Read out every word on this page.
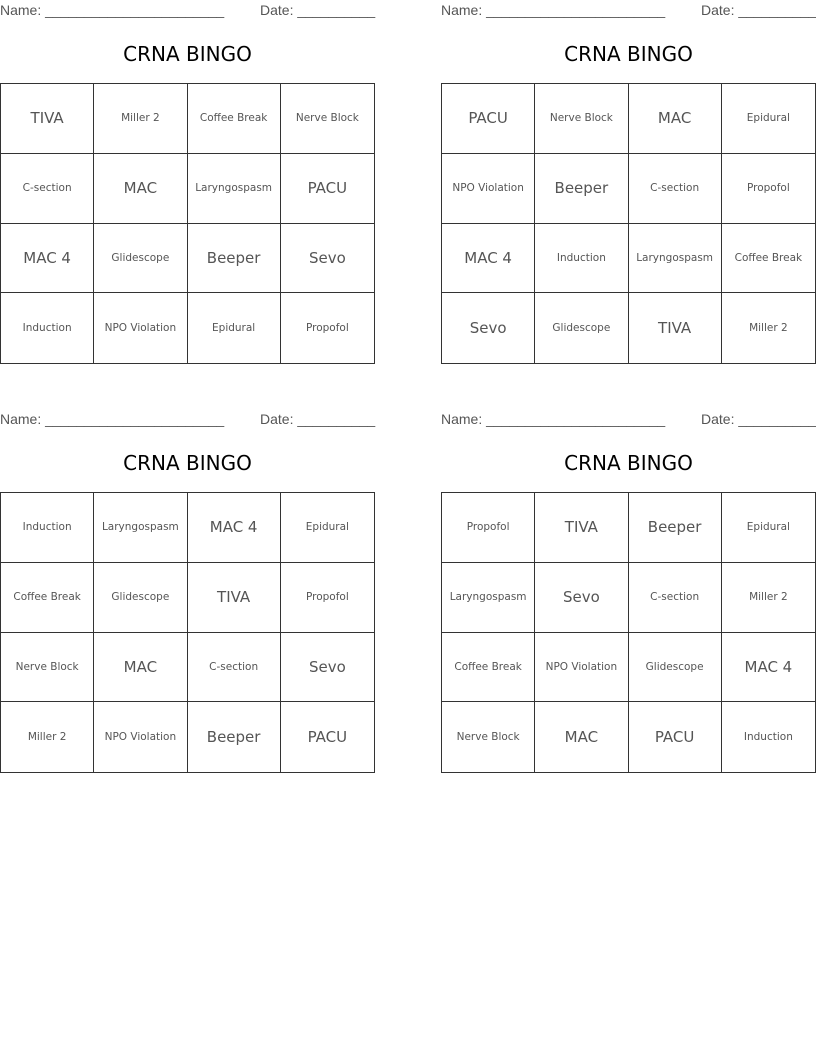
Name: _______________________	Date: __________
CRNA BINGO
TIVA	Miller 2	Coffee Break	Nerve Block
C-section	MAC	Laryngospasm	PACU
MAC 4	Glidescope	Beeper	Sevo
Induction	NPO Violation	Epidural	Propofol
Name: _______________________	Date: __________
CRNA BINGO
PACU	Nerve Block	MAC	Epidural
NPO Violation	Beeper	C-section	Propofol
MAC 4	Induction	Laryngospasm	Coffee Break
Sevo	Glidescope	TIVA	Miller 2
Name: _______________________	Date: __________
CRNA BINGO
Induction	Laryngospasm	MAC 4	Epidural
Coffee Break	Glidescope	TIVA	Propofol
Nerve Block	MAC	C-section	Sevo
Miller 2	NPO Violation	Beeper	PACU
Name: _______________________	Date: __________
CRNA BINGO
Propofol	TIVA	Beeper	Epidural
Laryngospasm	Sevo	C-section	Miller 2
Coffee Break	NPO Violation	Glidescope	MAC 4
Nerve Block	MAC	PACU	Induction
